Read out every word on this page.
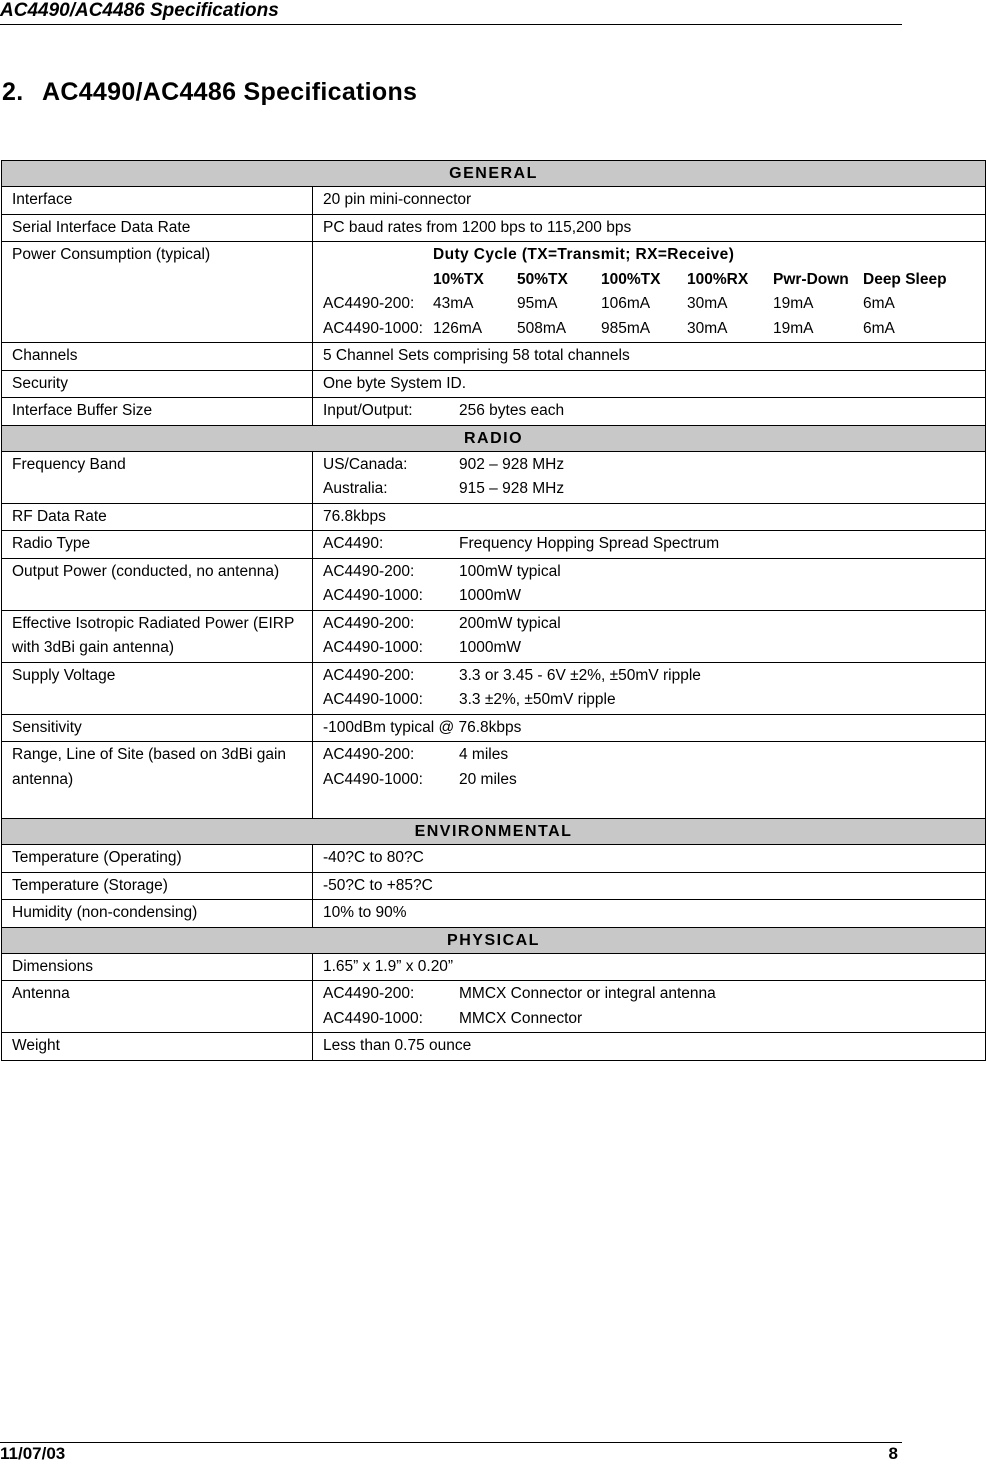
AC4490/AC4486 Specifications
2. AC4490/AC4486 Specifications
GENERAL	
Interface	20 pin mini-connector
Serial Interface Data Rate	PC baud rates from 1200 bps to 115,200 bps
Power Consumption (typical)	Duty Cycle (TX=Transmit; RX=Receive)
10%TX 50%TX 100%TX 100%RX Pwr-Down Deep Sleep
AC4490-200: 43mA 95mA 106mA 30mA 19mA 6mA
AC4490-1000: 126mA 508mA 985mA 30mA 19mA 6mA

Channels	5 Channel Sets comprising 58 total channels
Security	One byte System ID.
Interface Buffer Size	Input/Output: 256 bytes each
RADIO	
Frequency Band	US/Canada: 902 – 928 MHz
Australia: 915 – 928 MHz

RF Data Rate	76.8kbps
Radio Type	AC4490: Frequency Hopping Spread Spectrum
Output Power (conducted, no antenna)	AC4490-200: 100mW typical
AC4490-1000: 1000mW

Effective Isotropic Radiated Power (EIRP with 3dBi gain antenna)	AC4490-200: 200mW typical
AC4490-1000: 1000mW

Supply Voltage	AC4490-200: 3.3 or 3.45 - 6V ±2%, ±50mV ripple
AC4490-1000: 3.3 ±2%, ±50mV ripple

Sensitivity	-100dBm typical @ 76.8kbps
Range, Line of Site (based on 3dBi gain antenna)	AC4490-200: 4 miles
AC4490-1000: 20 miles

ENVIRONMENTAL	
Temperature (Operating)	-40?C to 80?C
Temperature (Storage)	-50?C to +85?C
Humidity (non-condensing)	10% to 90%
PHYSICAL	
Dimensions	1.65” x 1.9” x 0.20”
Antenna	AC4490-200: MMCX Connector or integral antenna
AC4490-1000: MMCX Connector

Weight	Less than 0.75 ounce
11/07/03	8
